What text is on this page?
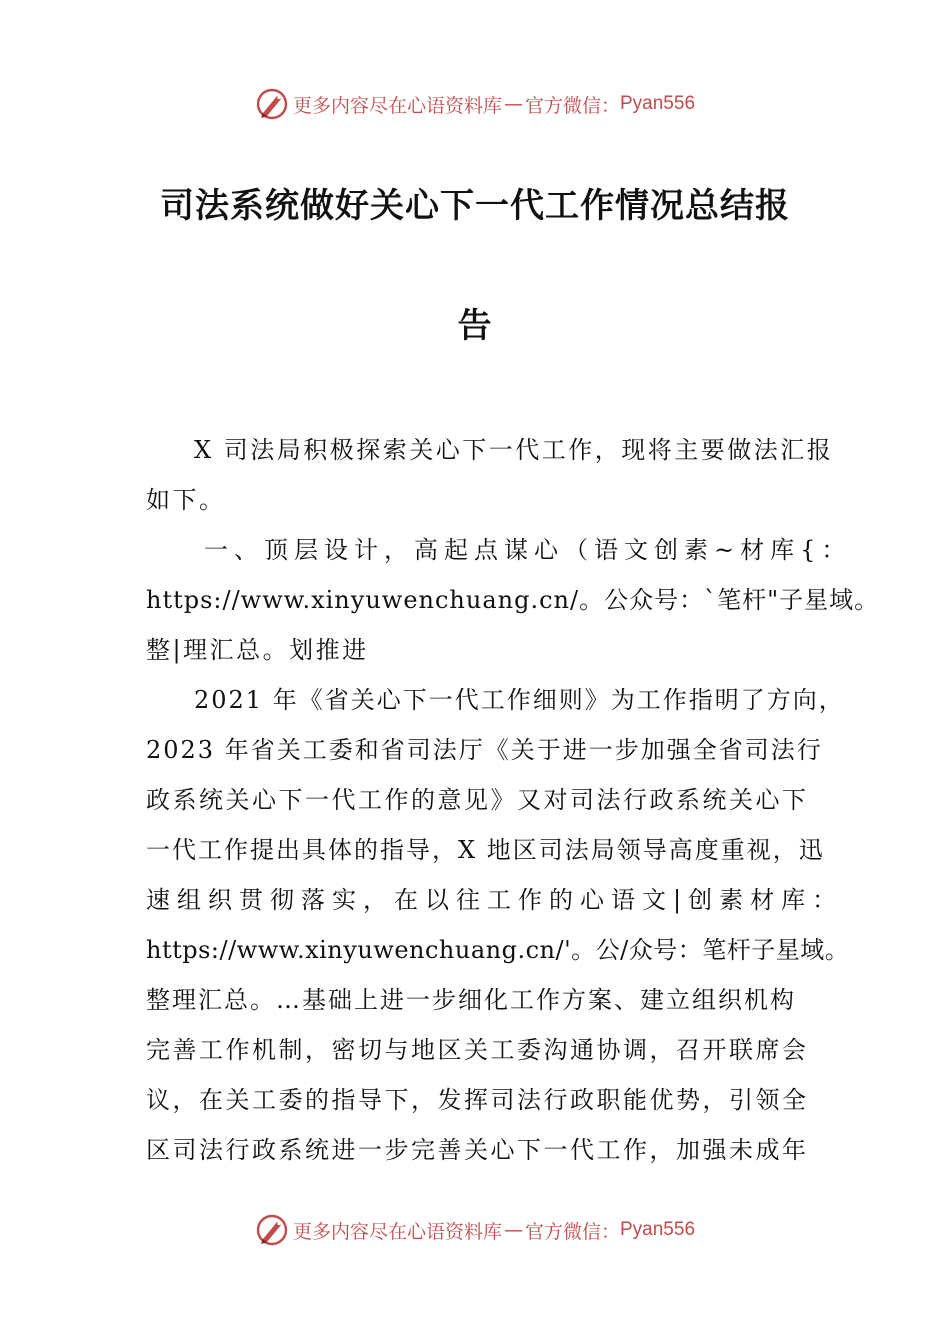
更多内容尽在心语资料库 — 官方微信： Pyan556
司法系统做好关心下一代工作情况总结报
告
X 司法局积极探索关心下一代工作，现将主要做法汇报
如下。
一、顶层设计，高起点谋心（语文创素~材库{：
https://www.xinyuwenchuang.cn/。公众号：`笔杆"子星域。
整|理汇总。划推进
2021 年《省关心下一代工作细则》为工作指明了方向，
2023 年省关工委和省司法厅《关于进一步加强全省司法行
政系统关心下一代工作的意见》又对司法行政系统关心下
一代工作提出具体的指导，X 地区司法局领导高度重视，迅
速组织贯彻落实，在以往工作的心语文|创素材库：
https://www.xinyuwenchuang.cn/'。公/众号：笔杆子星域。
整理汇总。…基础上进一步细化工作方案、建立组织机构
完善工作机制，密切与地区关工委沟通协调，召开联席会
议，在关工委的指导下，发挥司法行政职能优势，引领全
区司法行政系统进一步完善关心下一代工作，加强未成年
更多内容尽在心语资料库 — 官方微信： Pyan556
